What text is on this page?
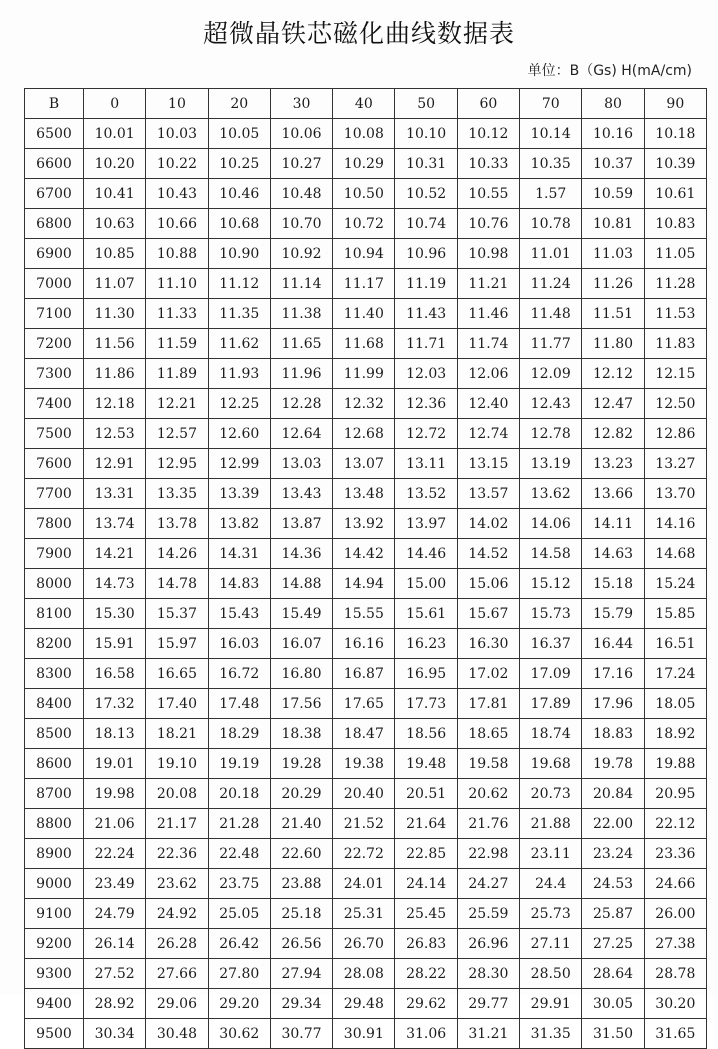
超微晶铁芯磁化曲线数据表
单位：B（Gs) H(mA/cm)
B	0	10	20	30	40	50	60	70	80	90
6500	10.01	10.03	10.05	10.06	10.08	10.10	10.12	10.14	10.16	10.18
6600	10.20	10.22	10.25	10.27	10.29	10.31	10.33	10.35	10.37	10.39
6700	10.41	10.43	10.46	10.48	10.50	10.52	10.55	1.57	10.59	10.61
6800	10.63	10.66	10.68	10.70	10.72	10.74	10.76	10.78	10.81	10.83
6900	10.85	10.88	10.90	10.92	10.94	10.96	10.98	11.01	11.03	11.05
7000	11.07	11.10	11.12	11.14	11.17	11.19	11.21	11.24	11.26	11.28
7100	11.30	11.33	11.35	11.38	11.40	11.43	11.46	11.48	11.51	11.53
7200	11.56	11.59	11.62	11.65	11.68	11.71	11.74	11.77	11.80	11.83
7300	11.86	11.89	11.93	11.96	11.99	12.03	12.06	12.09	12.12	12.15
7400	12.18	12.21	12.25	12.28	12.32	12.36	12.40	12.43	12.47	12.50
7500	12.53	12.57	12.60	12.64	12.68	12.72	12.74	12.78	12.82	12.86
7600	12.91	12.95	12.99	13.03	13.07	13.11	13.15	13.19	13.23	13.27
7700	13.31	13.35	13.39	13.43	13.48	13.52	13.57	13.62	13.66	13.70
7800	13.74	13.78	13.82	13.87	13.92	13.97	14.02	14.06	14.11	14.16
7900	14.21	14.26	14.31	14.36	14.42	14.46	14.52	14.58	14.63	14.68
8000	14.73	14.78	14.83	14.88	14.94	15.00	15.06	15.12	15.18	15.24
8100	15.30	15.37	15.43	15.49	15.55	15.61	15.67	15.73	15.79	15.85
8200	15.91	15.97	16.03	16.07	16.16	16.23	16.30	16.37	16.44	16.51
8300	16.58	16.65	16.72	16.80	16.87	16.95	17.02	17.09	17.16	17.24
8400	17.32	17.40	17.48	17.56	17.65	17.73	17.81	17.89	17.96	18.05
8500	18.13	18.21	18.29	18.38	18.47	18.56	18.65	18.74	18.83	18.92
8600	19.01	19.10	19.19	19.28	19.38	19.48	19.58	19.68	19.78	19.88
8700	19.98	20.08	20.18	20.29	20.40	20.51	20.62	20.73	20.84	20.95
8800	21.06	21.17	21.28	21.40	21.52	21.64	21.76	21.88	22.00	22.12
8900	22.24	22.36	22.48	22.60	22.72	22.85	22.98	23.11	23.24	23.36
9000	23.49	23.62	23.75	23.88	24.01	24.14	24.27	24.4	24.53	24.66
9100	24.79	24.92	25.05	25.18	25.31	25.45	25.59	25.73	25.87	26.00
9200	26.14	26.28	26.42	26.56	26.70	26.83	26.96	27.11	27.25	27.38
9300	27.52	27.66	27.80	27.94	28.08	28.22	28.30	28.50	28.64	28.78
9400	28.92	29.06	29.20	29.34	29.48	29.62	29.77	29.91	30.05	30.20
9500	30.34	30.48	30.62	30.77	30.91	31.06	31.21	31.35	31.50	31.65
